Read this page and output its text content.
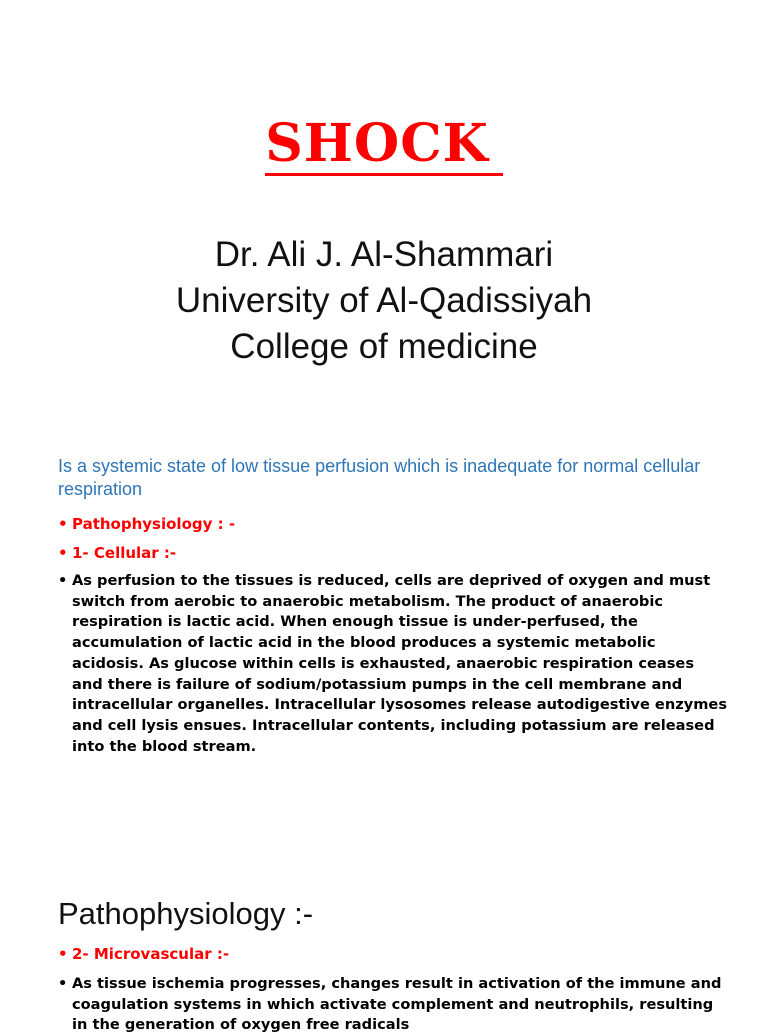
SHOCK
Dr. Ali J. Al-Shammari
University of Al-Qadissiyah
College of medicine
Is a systemic state of low tissue perfusion which is inadequate for normal cellular respiration
• Pathophysiology : -
• 1- Cellular :-
• As perfusion to the tissues is reduced, cells are deprived of oxygen and must switch from aerobic to anaerobic metabolism. The product of anaerobic respiration is lactic acid. When enough tissue is under-perfused, the accumulation of lactic acid in the blood produces a systemic metabolic acidosis. As glucose within cells is exhausted, anaerobic respiration ceases and there is failure of sodium/potassium pumps in the cell membrane and intracellular organelles. Intracellular lysosomes release autodigestive enzymes and cell lysis ensues. Intracellular contents, including potassium are released into the blood stream.
Pathophysiology :-
• 2- Microvascular :-
• As tissue ischemia progresses, changes result in activation of the immune and coagulation systems in which activate complement and neutrophils, resulting in the generation of oxygen free radicals
